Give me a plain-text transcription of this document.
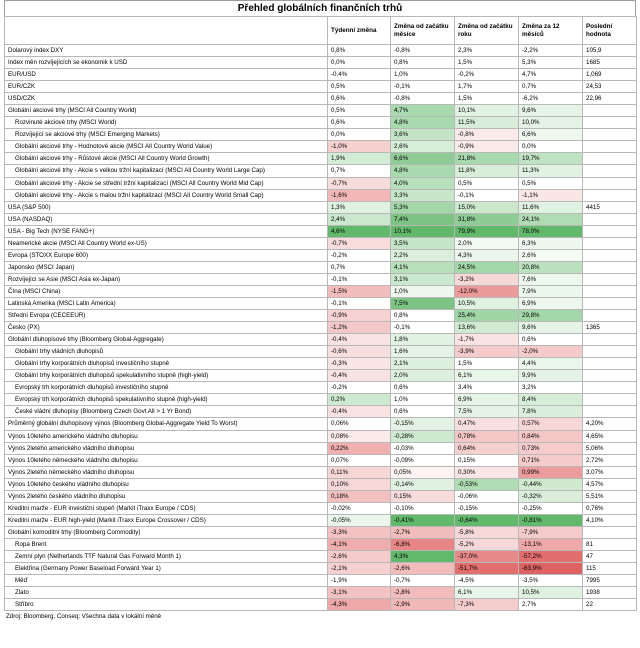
Přehled globálních finančních trhů
	Týdenní změna	Změna od začátku měsíce	Změna od začátku roku	Změna za 12 měsíců	Poslední hodnota
Dolarový index DXY	0,8%	-0,8%	2,3%	-2,2%	105,9
Index měn rozvíjejících se ekonomik k USD	0,0%	0,8%	1,5%	5,3%	1685
EUR/USD	-0,4%	1,0%	-0,2%	4,7%	1,069
EUR/CZK	0,5%	-0,1%	1,7%	0,7%	24,53
USD/CZK	0,6%	-0,8%	1,5%	-6,2%	22,96
Globální akciové trhy (MSCI All Country World)	0,5%	4,7%	10,1%	9,6%	
Rozvinuté akciové trhy (MSCI World)	0,6%	4,8%	11,5%	10,0%	
Rozvíjející se akciové trhy (MSCI Emerging Markets)	0,0%	3,6%	-0,8%	6,6%	
Globální akciové trhy - Hodnotové akcie (MSCI All Country World Value)	-1,0%	2,6%	-0,9%	0,0%	
Globální akciové trhy - Růstové akcie (MSCI All Country World Growth)	1,9%	6,6%	21,8%	19,7%	
Globální akciové trhy - Akcie s velkou tržní kapitalizací (MSCI All Country World Large Cap)	0,7%	4,8%	11,8%	11,3%	
Globální akciové trhy - Akcie se střední tržní kapitalizací (MSCI All Country World Mid Cap)	-0,7%	4,0%	0,5%	0,5%	
Globální akciové trhy - Akcie s malou tržní kapitalizací (MSCI All Country World Small Cap)	-1,6%	3,3%	-0,1%	-1,1%	
USA (S&P 500)	1,3%	5,3%	15,0%	11,6%	4415
USA (NASDAQ)	2,4%	7,4%	31,8%	24,1%	
USA - Big Tech (NYSE FANG+)	4,6%	10,1%	79,9%	78,0%	
Neamerické akcie (MSCI All Country World ex-US)	-0,7%	3,5%	2,0%	6,3%	
Evropa (STOXX Europe 600)	-0,2%	2,2%	4,3%	2,6%	
Japonsko (MSCI Japan)	0,7%	4,1%	24,5%	20,8%	
Rozvíjející se Asie (MSCI Asia ex-Japan)	-0,1%	3,1%	-3,2%	7,6%	
Čína (MSCI China)	-1,5%	1,0%	-12,0%	7,9%	
Latinská Amerika (MSCI Latin America)	-0,1%	7,5%	10,5%	6,9%	
Střední Evropa (CECEEUR)	-0,9%	0,8%	25,4%	29,8%	
Česko (PX)	-1,2%	-0,1%	13,6%	9,6%	1365
Globální dluhopisové trhy (Bloomberg Global-Aggregate)	-0,4%	1,8%	-1,7%	0,6%	
Globální trhy vládních dluhopisů	-0,6%	1,6%	-3,9%	-2,0%	
Globální trhy korporátních dluhopisů investičního stupně	-0,3%	2,1%	1,5%	4,4%	
Globální trhy korporátních dluhopisů spekulativního stupně (high-yield)	-0,4%	2,0%	6,1%	9,9%	
Evropský trh korporátních dluhopisů investičního stupně	-0,2%	0,6%	3,4%	3,2%	
Evropský trh korporátních dluhopisů spekulativního stupně (high-yield)	0,2%	1,0%	6,9%	8,4%	
České vládní dluhopisy (Bloomberg Czech Govt All > 1 Yr Bond)	-0,4%	0,6%	7,5%	7,8%	
Průměrný globální dluhopisový výnos (Bloomberg Global-Aggregate Yield To Worst)	0,06%	-0,15%	0,47%	0,57%	4,20%
Výnos 10letého amerického vládního dluhopisu	0,08%	-0,28%	0,78%	0,84%	4,65%
Výnos 2letého amerického vládního dluhopisu	0,22%	-0,03%	0,64%	0,73%	5,06%
Výnos 10letého německého vládního dluhopisu	0,07%	-0,09%	0,15%	0,71%	2,72%
Výnos 2letého německého vládního dluhopisu	0,11%	0,05%	0,30%	0,99%	3,07%
Výnos 10letého českého vládního dluhopisu	0,10%	-0,14%	-0,53%	-0,44%	4,57%
Výnos 2letého českého vládního dluhopisu	0,18%	0,15%	-0,06%	-0,32%	5,51%
Kreditní marže - EUR investiční stupeň (Markit iTraxx Europe / CDS)	-0,02%	-0,10%	-0,15%	-0,25%	0,76%
Kreditní marže - EUR high-yield (Markit iTraxx Europe Crossover / CDS)	-0,05%	-0,41%	-0,64%	-0,81%	4,10%
Globální komoditní trhy (Bloomberg Commodity)	-3,3%	-2,7%	-5,8%	-7,9%	
Ropa Brent	-4,1%	-6,8%	-5,2%	-13,1%	81
Zemní plyn (Netherlands TTF Natural Gas Forward Month 1)	-2,6%	4,3%	-37,0%	-57,2%	47
Elektřina (Germany Power Baseload Forward Year 1)	-2,1%	-2,6%	-51,7%	-63,9%	115
Měď	-1,9%	-0,7%	-4,5%	-3,5%	7995
Zlato	-3,1%	-2,8%	6,1%	10,5%	1938
Stříbro	-4,3%	-2,9%	-7,3%	2,7%	22
Zdroj: Bloomberg, Conseq; Všechna data v lokální měně
